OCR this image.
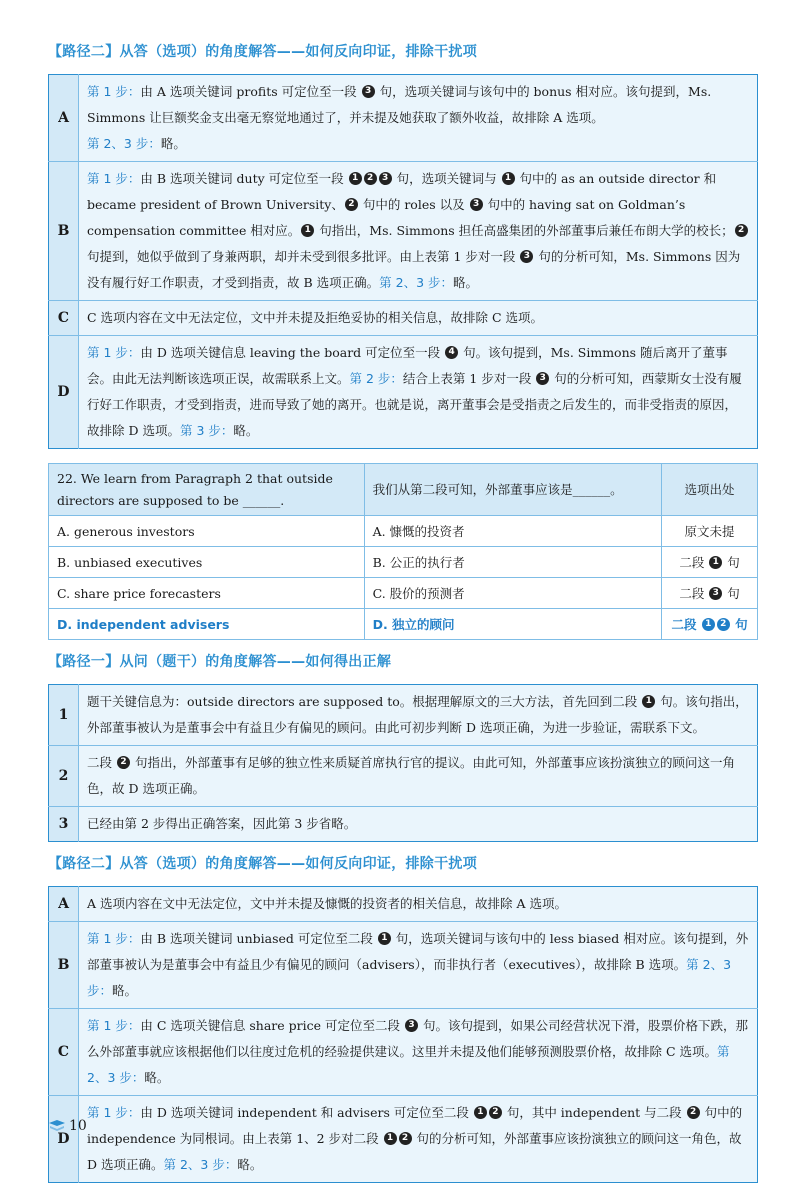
【路径二】从答（选项）的角度解答——如何反向印证，排除干扰项
A	第 1 步：由 A 选项关键词 profits 可定位至一段 3 句，选项关键词与该句中的 bonus 相对应。该句提到，Ms. Simmons 让巨额奖金支出毫无察觉地通过了，并未提及她获取了额外收益，故排除 A 选项。
第 2、3 步：略。
B	第 1 步：由 B 选项关键词 duty 可定位至一段 1 2 3 句，选项关键词与 1 句中的 as an outside director 和 became president of Brown University、 2 句中的 roles 以及 3 句中的 having sat on Goldman’s compensation committee 相对应。 1 句指出，Ms. Simmons 担任高盛集团的外部董事后兼任布朗大学的校长； 2 句提到，她似乎做到了身兼两职，却并未受到很多批评。由上表第 1 步对一段 3 句的分析可知，Ms. Simmons 因为没有履行好工作职责，才受到指责，故 B 选项正确。第 2、3 步：略。
C	C 选项内容在文中无法定位，文中并未提及拒绝妥协的相关信息，故排除 C 选项。
D	第 1 步：由 D 选项关键信息 leaving the board 可定位至一段 4 句。该句提到，Ms. Simmons 随后离开了董事会。由此无法判断该选项正误，故需联系上文。第 2 步：结合上表第 1 步对一段 3 句的分析可知，西蒙斯女士没有履行好工作职责，才受到指责，进而导致了她的离开。也就是说，离开董事会是受指责之后发生的，而非受指责的原因，故排除 D 选项。第 3 步：略。
22. We learn from Paragraph 2 that outside directors are supposed to be ______.	我们从第二段可知，外部董事应该是______。	选项出处
A. generous investors	A. 慷慨的投资者	原文未提
B. unbiased executives	B. 公正的执行者	二段 1 句
C. share price forecasters	C. 股价的预测者	二段 3 句
D. independent advisers	D. 独立的顾问	二段 1 2 句
【路径一】从问（题干）的角度解答——如何得出正解
1	题干关键信息为：outside directors are supposed to。根据理解原文的三大方法，首先回到二段 1 句。该句指出，外部董事被认为是董事会中有益且少有偏见的顾问。由此可初步判断 D 选项正确，为进一步验证，需联系下文。
2	二段 2 句指出，外部董事有足够的独立性来质疑首席执行官的提议。由此可知，外部董事应该扮演独立的顾问这一角色，故 D 选项正确。
3	已经由第 2 步得出正确答案，因此第 3 步省略。
【路径二】从答（选项）的角度解答——如何反向印证，排除干扰项
A	A 选项内容在文中无法定位，文中并未提及慷慨的投资者的相关信息，故排除 A 选项。
B	第 1 步：由 B 选项关键词 unbiased 可定位至二段 1 句，选项关键词与该句中的 less biased 相对应。该句提到，外部董事被认为是董事会中有益且少有偏见的顾问（advisers），而非执行者（executives），故排除 B 选项。第 2、3 步：略。
C	第 1 步：由 C 选项关键信息 share price 可定位至二段 3 句。该句提到，如果公司经营状况下滑，股票价格下跌，那么外部董事就应该根据他们以往度过危机的经验提供建议。这里并未提及他们能够预测股票价格，故排除 C 选项。第 2、3 步：略。
D	第 1 步：由 D 选项关键词 independent 和 advisers 可定位至二段 1 2 句，其中 independent 与二段 2 句中的 independence 为同根词。由上表第 1、2 步对二段 1 2 句的分析可知，外部董事应该扮演独立的顾问这一角色，故 D 选项正确。第 2、3 步：略。
10
